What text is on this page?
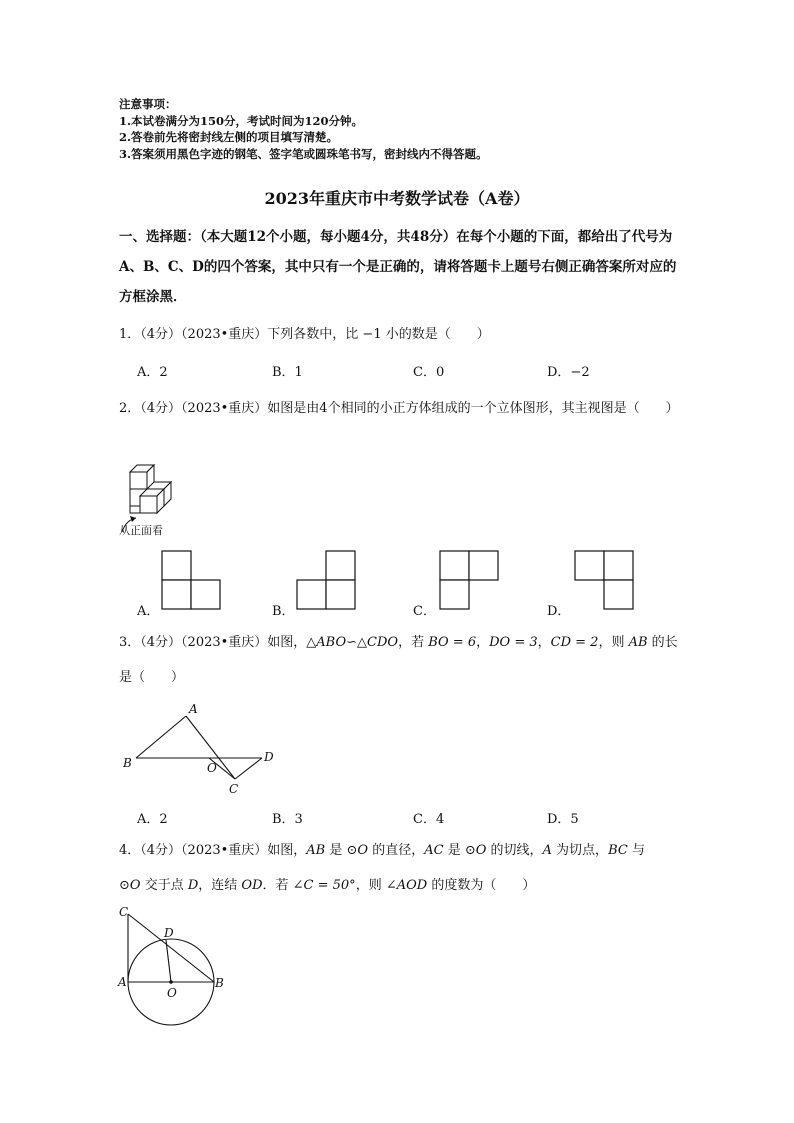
注意事项：
1.本试卷满分为150分，考试时间为120分钟。
2.答卷前先将密封线左侧的项目填写清楚。
3.答案须用黑色字迹的钢笔、签字笔或圆珠笔书写，密封线内不得答题。
2023年重庆市中考数学试卷（A卷）
一、选择题：（本大题12个小题，每小题4分，共48分）在每个小题的下面，都给出了代号为A、B、C、D的四个答案，其中只有一个是正确的，请将答题卡上题号右侧正确答案所对应的方框涂黑．
1．（4分）（2023•重庆）下列各数中，比 −1 小的数是（　　）
A．2	B．1	C．0	D．−2
2．（4分）（2023•重庆）如图是由4个相同的小正方体组成的一个立体图形，其主视图是（　　）
从正面看
A．	B．	C．	D．
3．（4分）（2023•重庆）如图，△ABO∽△CDO，若 BO = 6，DO = 3，CD = 2，则 AB 的长
是（　　）
A
B	O
D
C
A．2	B．3	C．4	D．5
4．（4分）（2023•重庆）如图，AB 是 ⊙O 的直径，AC 是 ⊙O 的切线，A 为切点，BC 与
⊙O 交于点 D，连结 OD．若 ∠C = 50°，则 ∠AOD 的度数为（　　）
C
D
A
O
B
